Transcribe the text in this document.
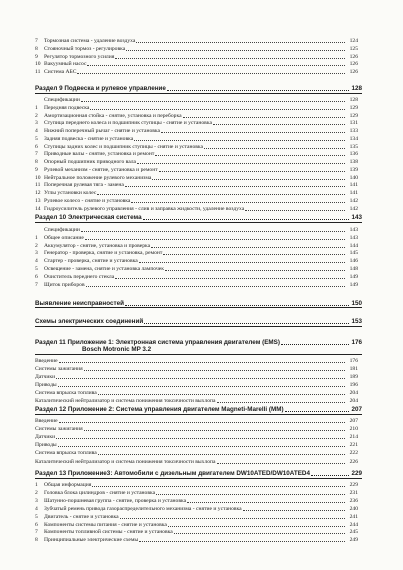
7	Тормозная система - удаление воздуха	124
8	Стояночный тормоз - регулировка	125
9	Регулятор тормозного усилия	126
10 Вакуумный насос	126
11 Система АБС	126
Раздел 9 Подвеска и рулевое управление	128
Спецификации	128
1	Передняя подвеска	129
2	Амортизационная стойка - снятие, установка и переборка	129
3	Ступица переднего колеса и подшипник ступицы - снятие и установка	131
4	Нижний поперечный рычаг - снятие и установка	133
5	Задняя подвеска - снятие и установка	134
6	Ступицы задних колес и подшипник ступицы - снятие и установка	135
7	Приводные валы - снятие, установка и ремонт	136
8	Опорный подшипник приводного вала	138
9	Рулевой механизм - снятие, установка и ремонт	139
10 Нейтральное положение рулевого механизма	140
11 Поперечная рулевая тяга - замена	141
12 Углы установки колес	141
13 Рулевое колесо - снятие и установка	142
14 Гидроусилитель рулевого управления - слив и заправка жидкости, удаление воздуха	142
Раздел 10 Электрическая система	143
Спецификации	143
1	Общее описание	143
2	Аккумулятор - снятие, установка и проверка	144
3	Генератор - проверка, снятие и установка, ремонт	145
4	Стартер - проверка, снятие и установка	146
5	Освещение - замена, снятие и установка лампочек	148
6	Очиститель переднего стекла	149
7	Щиток приборов	149
Выявление неисправностей	150
Схемы электрических соединений	153
Раздел 11 Приложение 1: Электронная система управления двигателем (EMS)	176
Bosch Motronic MP 3.2
Введение	176
Системы зажигания	181
Датчики	189
Приводы	196
Система впрыска топлива	204
Каталитический нейтрализатор и система понижения токсичности выхлопа	204
Раздел 12 Приложение 2: Система управления двигателем Magneti-Marelli (MM)	207
Введение	207
Системы зажигания	210
Датчики	214
Приводы	221
Система впрыска топлива	222
Каталитический нейтрализатор и система понижения токсичности выхлопа	226
Раздел 13 Приложение3: Автомобили с дизельным двигателем DW10ATED/DW10ATED4	229
1	Общая информация	229
2	Головка блока цилиндров - снятие и установка	231
3	Шатунно-поршневая группа - снятие, проверка и установка	236
4	Зубчатый ремень привода газораспределительного механизма - снятие и установка	240
5	Двигатель - снятие и установка	241
6	Компоненты системы питания - снятие и установка	244
7	Компоненты топливной системы - снятие и установка	245
8	Принципиальные электрические схемы	249
